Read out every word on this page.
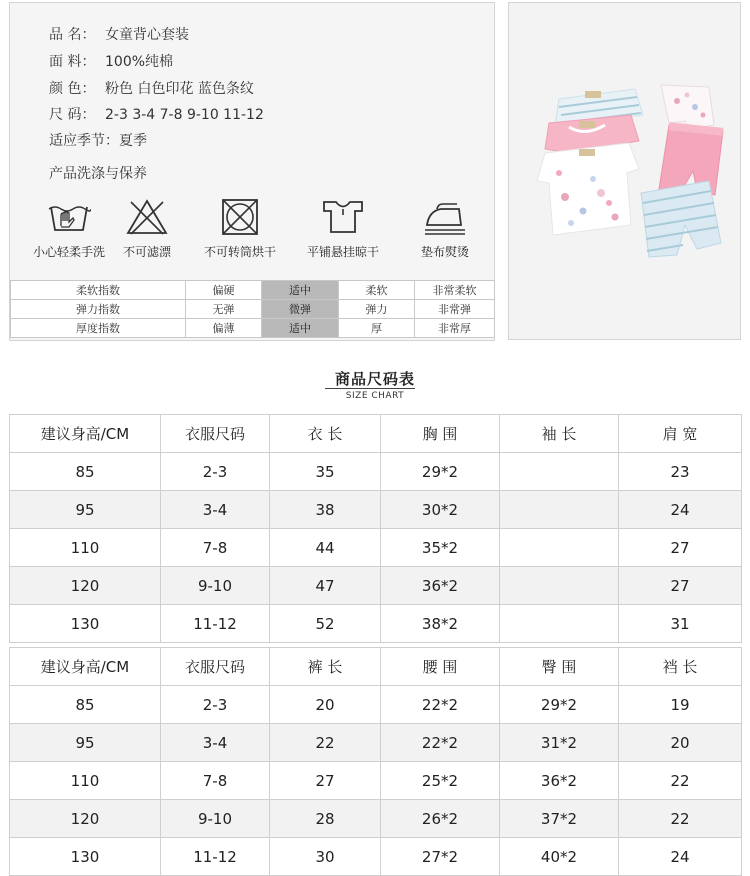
品 名： 女童背心套装
面 料： 100%纯棉
颜 色： 粉色 白色印花 蓝色条纹
尺 码： 2-3 3-4 7-8 9-10 11-12
适应季节：夏季
产品洗涤与保养
小心轻柔手洗	不可滤漂	不可转筒烘干	平铺悬挂晾干	垫布熨烫
柔软指数	偏硬	适中	柔软	非常柔软
弹力指数	无弹	微弹	弹力	非常弹
厚度指数	偏薄	适中	厚	非常厚
商品尺码表
SIZE CHART
建议身高/CM	衣服尺码	衣 长	胸 围	袖 长	肩 宽
85	2-3	35	29*2		23
95	3-4	38	30*2		24
110	7-8	44	35*2		27
120	9-10	47	36*2		27
130	11-12	52	38*2		31
建议身高/CM	衣服尺码	裤 长	腰 围	臀 围	裆 长
85	2-3	20	22*2	29*2	19
95	3-4	22	22*2	31*2	20
110	7-8	27	25*2	36*2	22
120	9-10	28	26*2	37*2	22
130	11-12	30	27*2	40*2	24
